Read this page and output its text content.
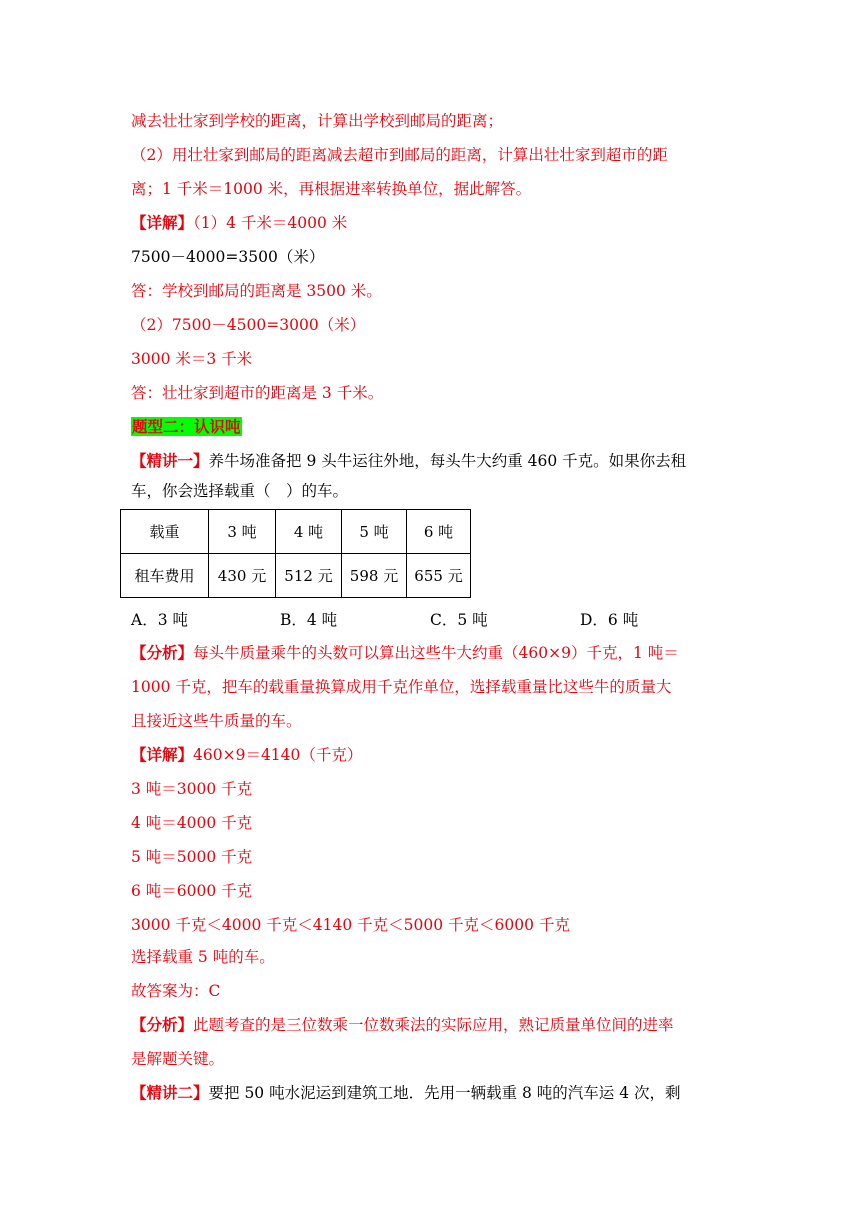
减去壮壮家到学校的距离，计算出学校到邮局的距离；
（2）用壮壮家到邮局的距离减去超市到邮局的距离，计算出壮壮家到超市的距
离；1 千米＝1000 米，再根据进率转换单位，据此解答。
【详解】（1）4 千米＝4000 米
7500－4000=3500（米）
答：学校到邮局的距离是 3500 米。
（2）7500－4500=3000（米）
3000 米＝3 千米
答：壮壮家到超市的距离是 3 千米。
题型二：认识吨
【精讲一】养牛场准备把 9 头牛运往外地，每头牛大约重 460 千克。如果你去租
车，你会选择载重（　）的车。
载重	3 吨	4 吨	5 吨	6 吨
租车费用	430 元	512 元	598 元	655 元
A．3 吨	B．4 吨	C．5 吨	D．6 吨
【分析】每头牛质量乘牛的头数可以算出这些牛大约重（460×9）千克，1 吨＝
1000 千克，把车的载重量换算成用千克作单位，选择载重量比这些牛的质量大
且接近这些牛质量的车。
【详解】460×9＝4140（千克）
3 吨＝3000 千克
4 吨＝4000 千克
5 吨＝5000 千克
6 吨＝6000 千克
3000 千克＜4000 千克＜4140 千克＜5000 千克＜6000 千克
选择载重 5 吨的车。
故答案为：C
【分析】此题考查的是三位数乘一位数乘法的实际应用，熟记质量单位间的进率
是解题关键。
【精讲二】要把 50 吨水泥运到建筑工地．先用一辆载重 8 吨的汽车运 4 次，剩
